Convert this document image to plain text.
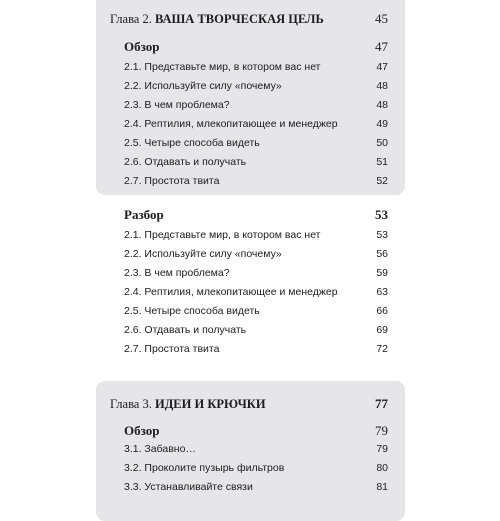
Глава 2. ВАША ТВОРЧЕСКАЯ ЦЕЛЬ	45
Обзор	47
2.1. Представьте мир, в котором вас нет	47
2.2. Используйте силу «почему»	48
2.3. В чем проблема?	48
2.4. Рептилия, млекопитающее и менеджер	49
2.5. Четыре способа видеть	50
2.6. Отдавать и получать	51
2.7. Простота твита	52
Разбор	53
2.1. Представьте мир, в котором вас нет	53
2.2. Используйте силу «почему»	56
2.3. В чем проблема?	59
2.4. Рептилия, млекопитающее и менеджер	63
2.5. Четыре способа видеть	66
2.6. Отдавать и получать	69
2.7. Простота твита	72
Глава 3. ИДЕИ И КРЮЧКИ	77
Обзор	79
3.1. Забавно…	79
3.2. Проколите пузырь фильтров	80
3.3. Устанавливайте связи	81
